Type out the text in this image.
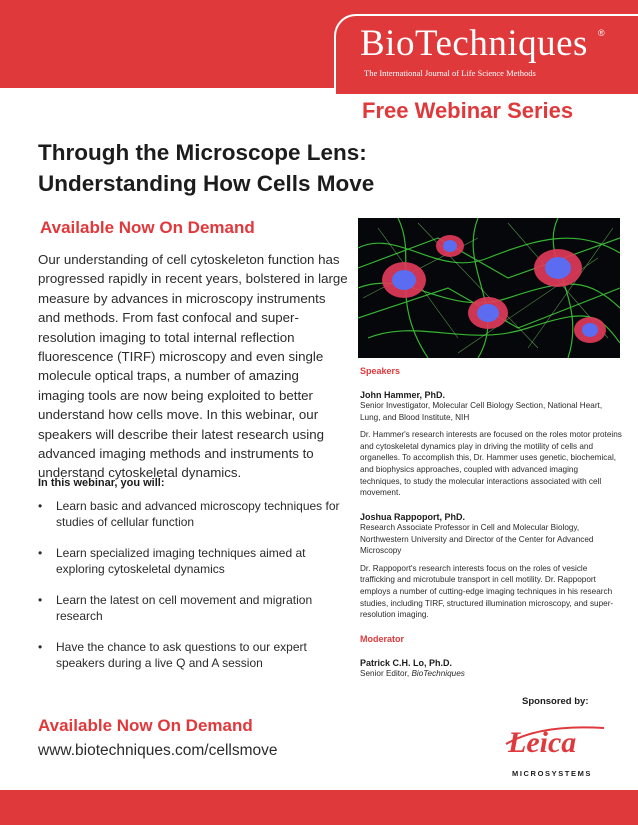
BioTechniques ®
The International Journal of Life Science Methods
Free Webinar Series
Through the Microscope Lens:
Understanding How Cells Move
Available Now On Demand
Our understanding of cell cytoskeleton function has progressed rapidly in recent years, bolstered in large measure by advances in microscopy instruments and methods. From fast confocal and super-resolution imaging to total internal reflection fluorescence (TIRF) microscopy and even single molecule optical traps, a number of amazing imaging tools are now being exploited to better understand how cells move. In this webinar, our speakers will describe their latest research using advanced imaging methods and instruments to understand cytoskeletal dynamics.
In this webinar, you will:
• Learn basic and advanced microscopy techniques for studies of cellular function
• Learn specialized imaging techniques aimed at exploring cytoskeletal dynamics
• Learn the latest on cell movement and migration research
• Have the chance to ask questions to our expert speakers during a live Q and A session
Available Now On Demand
www.biotechniques.com/cellsmove
Speakers
John Hammer, PhD.
Senior Investigator, Molecular Cell Biology Section, National Heart, Lung, and Blood Institute, NIH
Dr. Hammer's research interests are focused on the roles motor proteins and cytoskeletal dynamics play in driving the motility of cells and organelles. To accomplish this, Dr. Hammer uses genetic, biochemical, and biophysics approaches, coupled with advanced imaging techniques, to study the molecular interactions associated with cell movement.
Joshua Rappoport, PhD.
Research Associate Professor in Cell and Molecular Biology, Northwestern University and Director of the Center for Advanced Microscopy
Dr. Rappoport's research interests focus on the roles of vesicle trafficking and microtubule transport in cell motility. Dr. Rappoport employs a number of cutting-edge imaging techniques in his research studies, including TIRF, structured illumination microscopy, and super-resolution imaging.
Moderator
Patrick C.H. Lo, Ph.D.
Senior Editor, BioTechniques
Sponsored by:
Leica
MICROSYSTEMS
